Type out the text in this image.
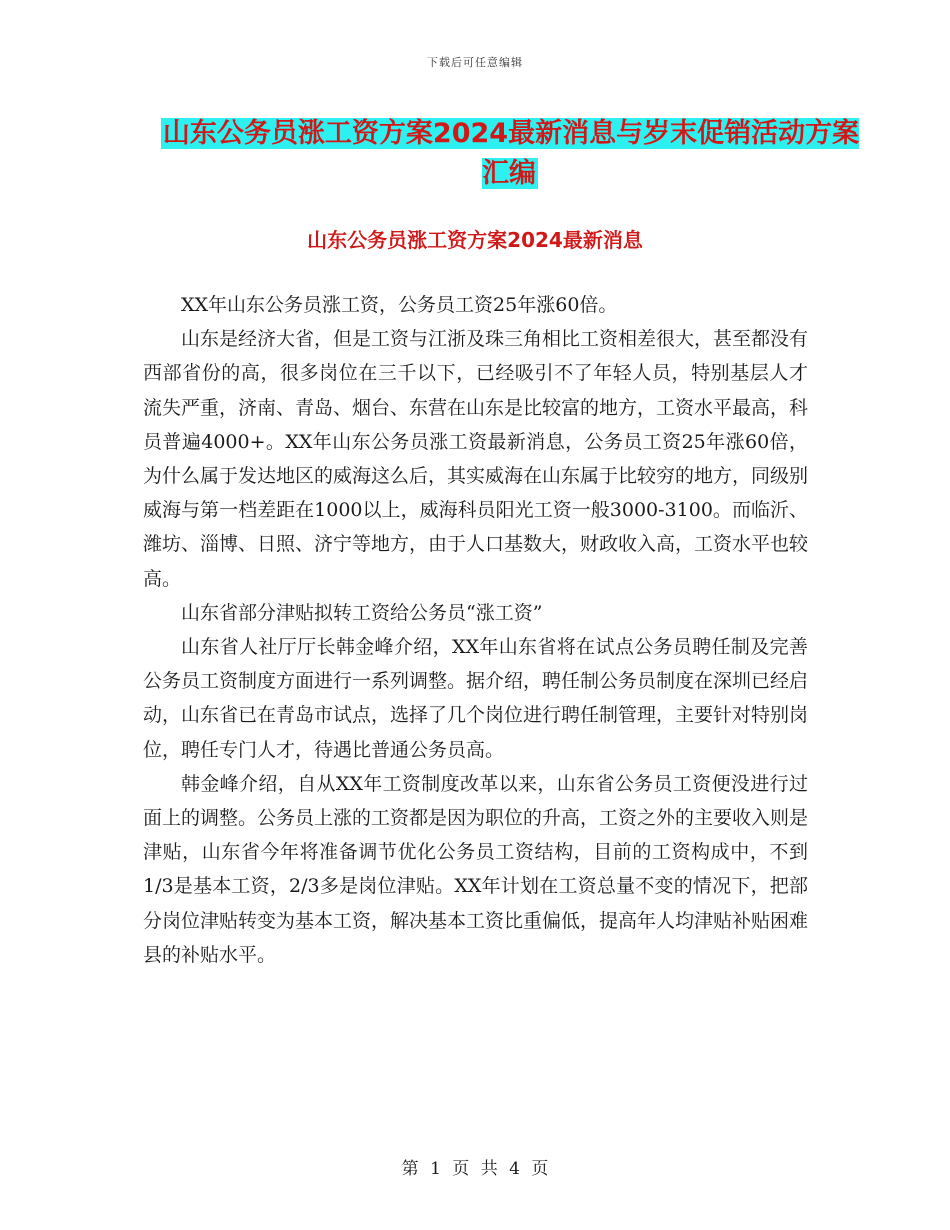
下载后可任意编辑
山东公务员涨工资方案2024最新消息与岁末促销活动方案汇编
山东公务员涨工资方案2024最新消息

XX年山东公务员涨工资，公务员工资25年涨60倍。

山东是经济大省，但是工资与江浙及珠三角相比工资相差很大，甚至都没有西部省份的高，很多岗位在三千以下，已经吸引不了年轻人员，特别基层人才 流失严重，济南、青岛、烟台、东营在山东是比较富的地方，工资水平最高，科员普遍4000+。XX年山东公务员涨工资最新消息，公务员工资25年涨60倍，为什么属于发达地区的威海这么后，其实威海在山东属于比较穷的地方，同级别威海与第一档差距在1000以上，威海科员阳光工资一般3000-3100。而临沂、潍坊、淄博、日照、济宁等地方，由于人口基数大，财政收入高，工资水平也较高。

山东省部分津贴拟转工资给公务员“涨工资”

山东省人社厅厅长韩金峰介绍，XX年山东省将在试点公务员聘任制及完善公务员工资制度方面进行一系列调整。据介绍，聘任制公务员制度在深圳已经启动，山东省已在青岛市试点，选择了几个岗位进行聘任制管理，主要针对特别岗位，聘任专门人才，待遇比普通公务员高。

韩金峰介绍，自从XX年工资制度改革以来，山东省公务员工资便没进行过面上的调整。公务员上涨的工资都是因为职位的升高，工资之外的主要收入则是津贴，山东省今年将准备调节优化公务员工资结构，目前的工资构成中，不到1/3是基本工资，2/3多是岗位津贴。XX年计划在工资总量不变的情况下，把部分岗位津贴转变为基本工资，解决基本工资比重偏低，提高年人均津贴补贴困难县的补贴水平。

第 1 页 共 4 页
